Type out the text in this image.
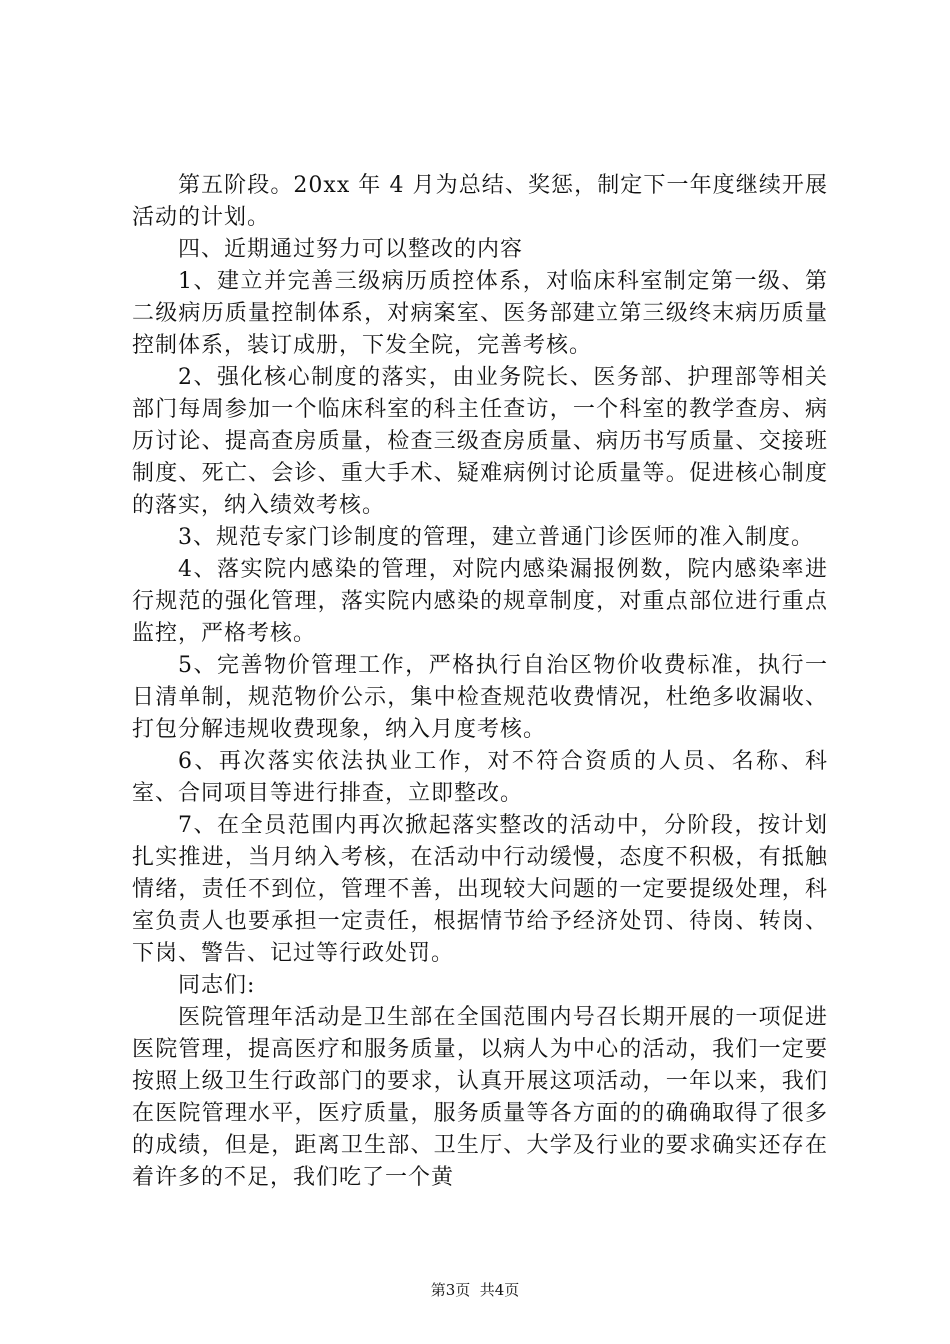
第五阶段。20xx 年 4 月为总结、奖惩，制定下一年度继续开展活动的计划。

四、近期通过努力可以整改的内容

1、建立并完善三级病历质控体系，对临床科室制定第一级、第二级病历质量控制体系，对病案室、医务部建立第三级终末病历质量控制体系，装订成册，下发全院，完善考核。

2、强化核心制度的落实，由业务院长、医务部、护理部等相关部门每周参加一个临床科室的科主任查访，一个科室的教学查房、病历讨论、提高查房质量，检查三级查房质量、病历书写质量、交接班制度、死亡、会诊、重大手术、疑难病例讨论质量等。促进核心制度的落实，纳入绩效考核。

3、规范专家门诊制度的管理，建立普通门诊医师的准入制度。

4、落实院内感染的管理，对院内感染漏报例数，院内感染率进行规范的强化管理，落实院内感染的规章制度，对重点部位进行重点监控，严格考核。

5、完善物价管理工作，严格执行自治区物价收费标准，执行一日清单制，规范物价公示，集中检查规范收费情况，杜绝多收漏收、打包分解违规收费现象，纳入月度考核。

6、再次落实依法执业工作，对不符合资质的人员、名称、科室、合同项目等进行排查，立即整改。

7、在全员范围内再次掀起落实整改的活动中，分阶段，按计划扎实推进，当月纳入考核，在活动中行动缓慢，态度不积极，有抵触情绪，责任不到位，管理不善，出现较大问题的一定要提级处理，科室负责人也要承担一定责任，根据情节给予经济处罚、待岗、转岗、下岗、警告、记过等行政处罚。

同志们:

医院管理年活动是卫生部在全国范围内号召长期开展的一项促进医院管理，提高医疗和服务质量，以病人为中心的活动，我们一定要按照上级卫生行政部门的要求，认真开展这项活动，一年以来，我们在医院管理水平，医疗质量，服务质量等各方面的的确确取得了很多的成绩，但是，距离卫生部、卫生厅、大学及行业的要求确实还存在着许多的不足，我们吃了一个黄

第3页  共4页
